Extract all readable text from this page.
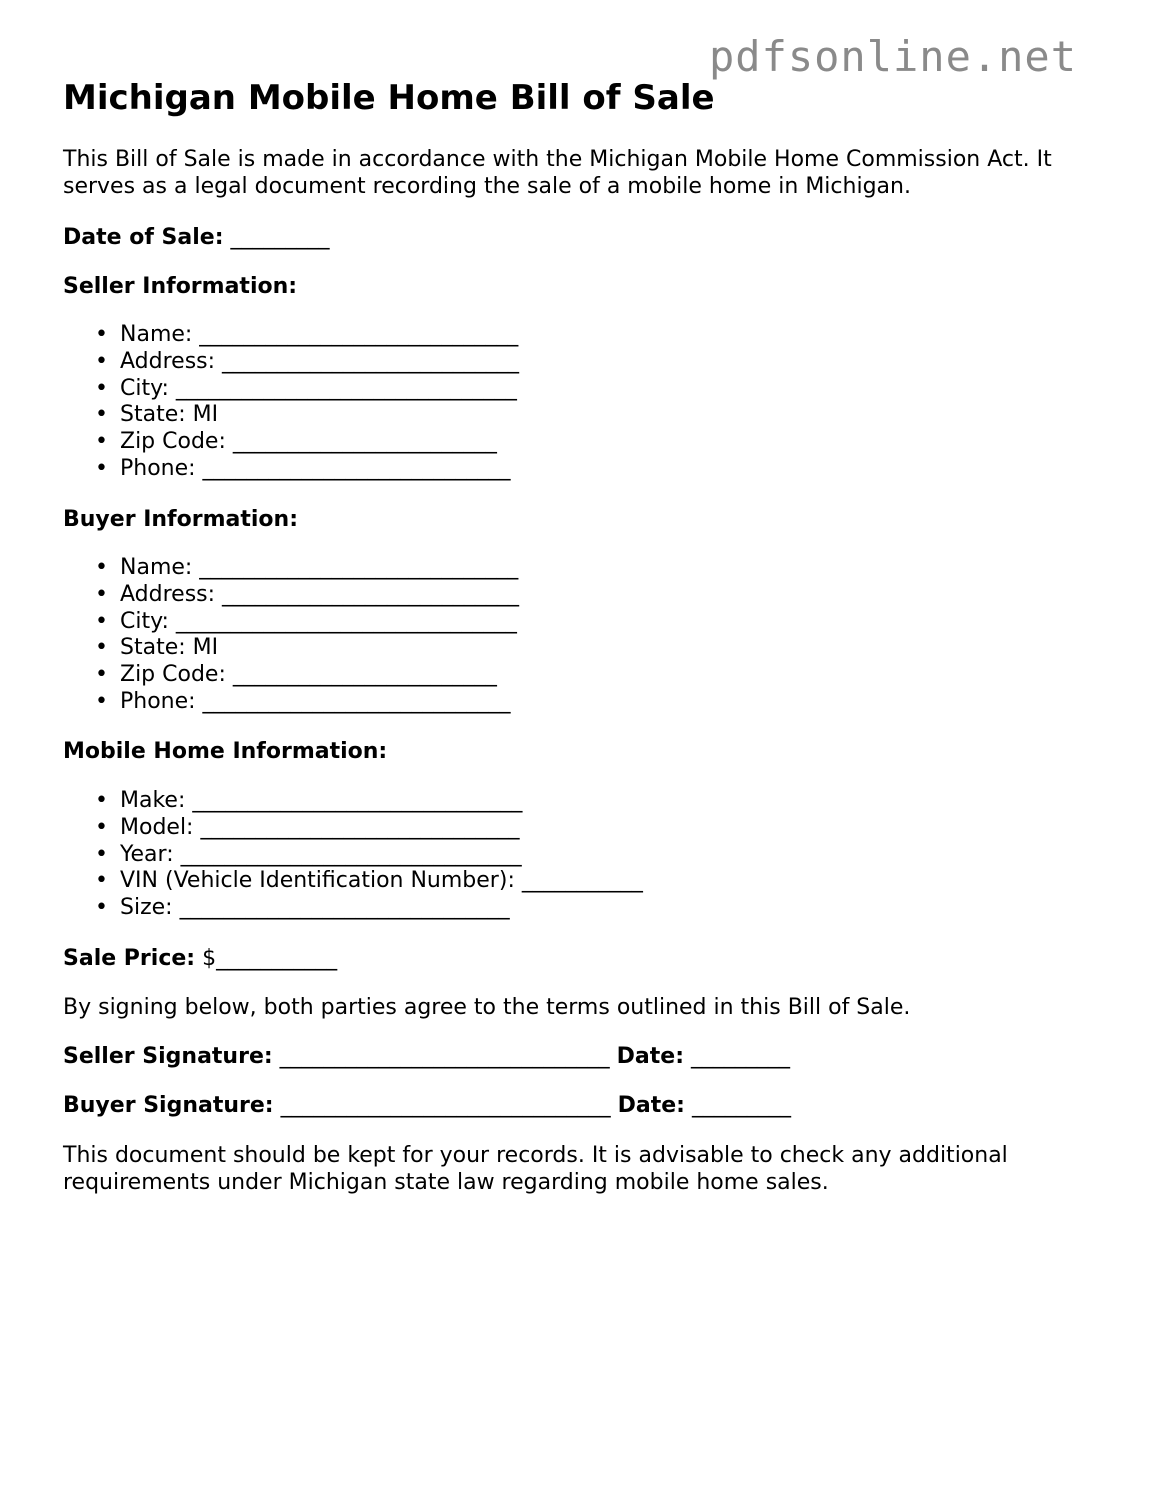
pdfsonline.net
Michigan Mobile Home Bill of Sale

This Bill of Sale is made in accordance with the Michigan Mobile Home Commission Act. It serves as a legal document recording the sale of a mobile home in Michigan.

Date of Sale: _________

Seller Information:

• Name: _____________________________
• Address: ___________________________
• City: _______________________________
• State: MI
• Zip Code: ________________________
• Phone: ____________________________

Buyer Information:

• Name: _____________________________
• Address: ___________________________
• City: _______________________________
• State: MI
• Zip Code: ________________________
• Phone: ____________________________

Mobile Home Information:

• Make: ______________________________
• Model: _____________________________
• Year: _______________________________
• VIN (Vehicle Identification Number): ___________
• Size: ______________________________

Sale Price: $___________

By signing below, both parties agree to the terms outlined in this Bill of Sale.

Seller Signature: ______________________________ Date: _________

Buyer Signature: ______________________________ Date: _________

This document should be kept for your records. It is advisable to check any additional requirements under Michigan state law regarding mobile home sales.
